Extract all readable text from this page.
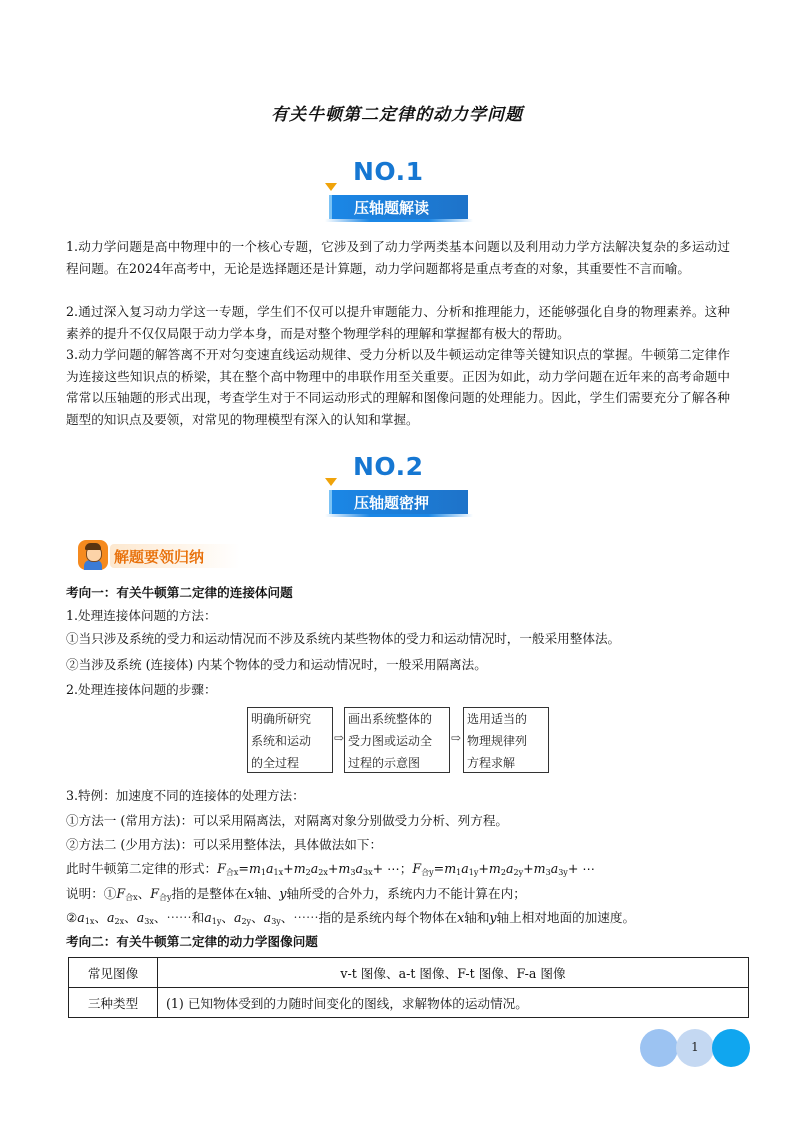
有关牛顿第二定律的动力学问题
NO.1
压轴题解读
1.动力学问题是高中物理中的一个核心专题，它涉及到了动力学两类基本问题以及利用动力学方法解决复杂的多运动过程问题。在2024年高考中，无论是选择题还是计算题，动力学问题都将是重点考查的对象，其重要性不言而喻。
2.通过深入复习动力学这一专题，学生们不仅可以提升审题能力、分析和推理能力，还能够强化自身的物理素养。这种素养的提升不仅仅局限于动力学本身，而是对整个物理学科的理解和掌握都有极大的帮助。
3.动力学问题的解答离不开对匀变速直线运动规律、受力分析以及牛顿运动定律等关键知识点的掌握。牛顿第二定律作为连接这些知识点的桥梁，其在整个高中物理中的串联作用至关重要。正因为如此，动力学问题在近年来的高考命题中常常以压轴题的形式出现，考查学生对于不同运动形式的理解和图像问题的处理能力。因此，学生们需要充分了解各种题型的知识点及要领，对常见的物理模型有深入的认知和掌握。
NO.2
压轴题密押
解题要领归纳
考向一：有关牛顿第二定律的连接体问题
1.处理连接体问题的方法：
①当只涉及系统的受力和运动情况而不涉及系统内某些物体的受力和运动情况时，一般采用整体法。
②当涉及系统 (连接体) 内某个物体的受力和运动情况时，一般采用隔离法。
2.处理连接体问题的步骤：
明确所研究
系统和运动
的全过程
⇨
画出系统整体的
受力图或运动全
过程的示意图
⇨
选用适当的
物理规律列
方程求解
3.特例：加速度不同的连接体的处理方法：
①方法一 (常用方法)：可以采用隔离法，对隔离对象分别做受力分析、列方程。
②方法二 (少用方法)：可以采用整体法，具体做法如下：
此时牛顿第二定律的形式：$F_{合x}=m_1a_{1x}+m_2a_{2x}+m_3a_{3x}+$ ⋯；$F_{合y}=m_1a_{1y}+m_2a_{2y}+m_3a_{3y}+$ ⋯
说明：$①F_{合x}$、$F_{合y}$指的是整体在x轴、y轴所受的合外力，系统内力不能计算在内；
$②a_{1x}$、$a_{2x}$、$a_{3x}$、⋯⋯和$a_{1y}$、$a_{2y}$、$a_{3y}$、⋯⋯指的是系统内每个物体在x轴和y轴上相对地面的加速度。
考向二：有关牛顿第二定律的动力学图像问题
常见图像	v-t 图像、a-t 图像、F-t 图像、F-a 图像
三种类型	(1) 已知物体受到的力随时间变化的图线，求解物体的运动情况。
1
